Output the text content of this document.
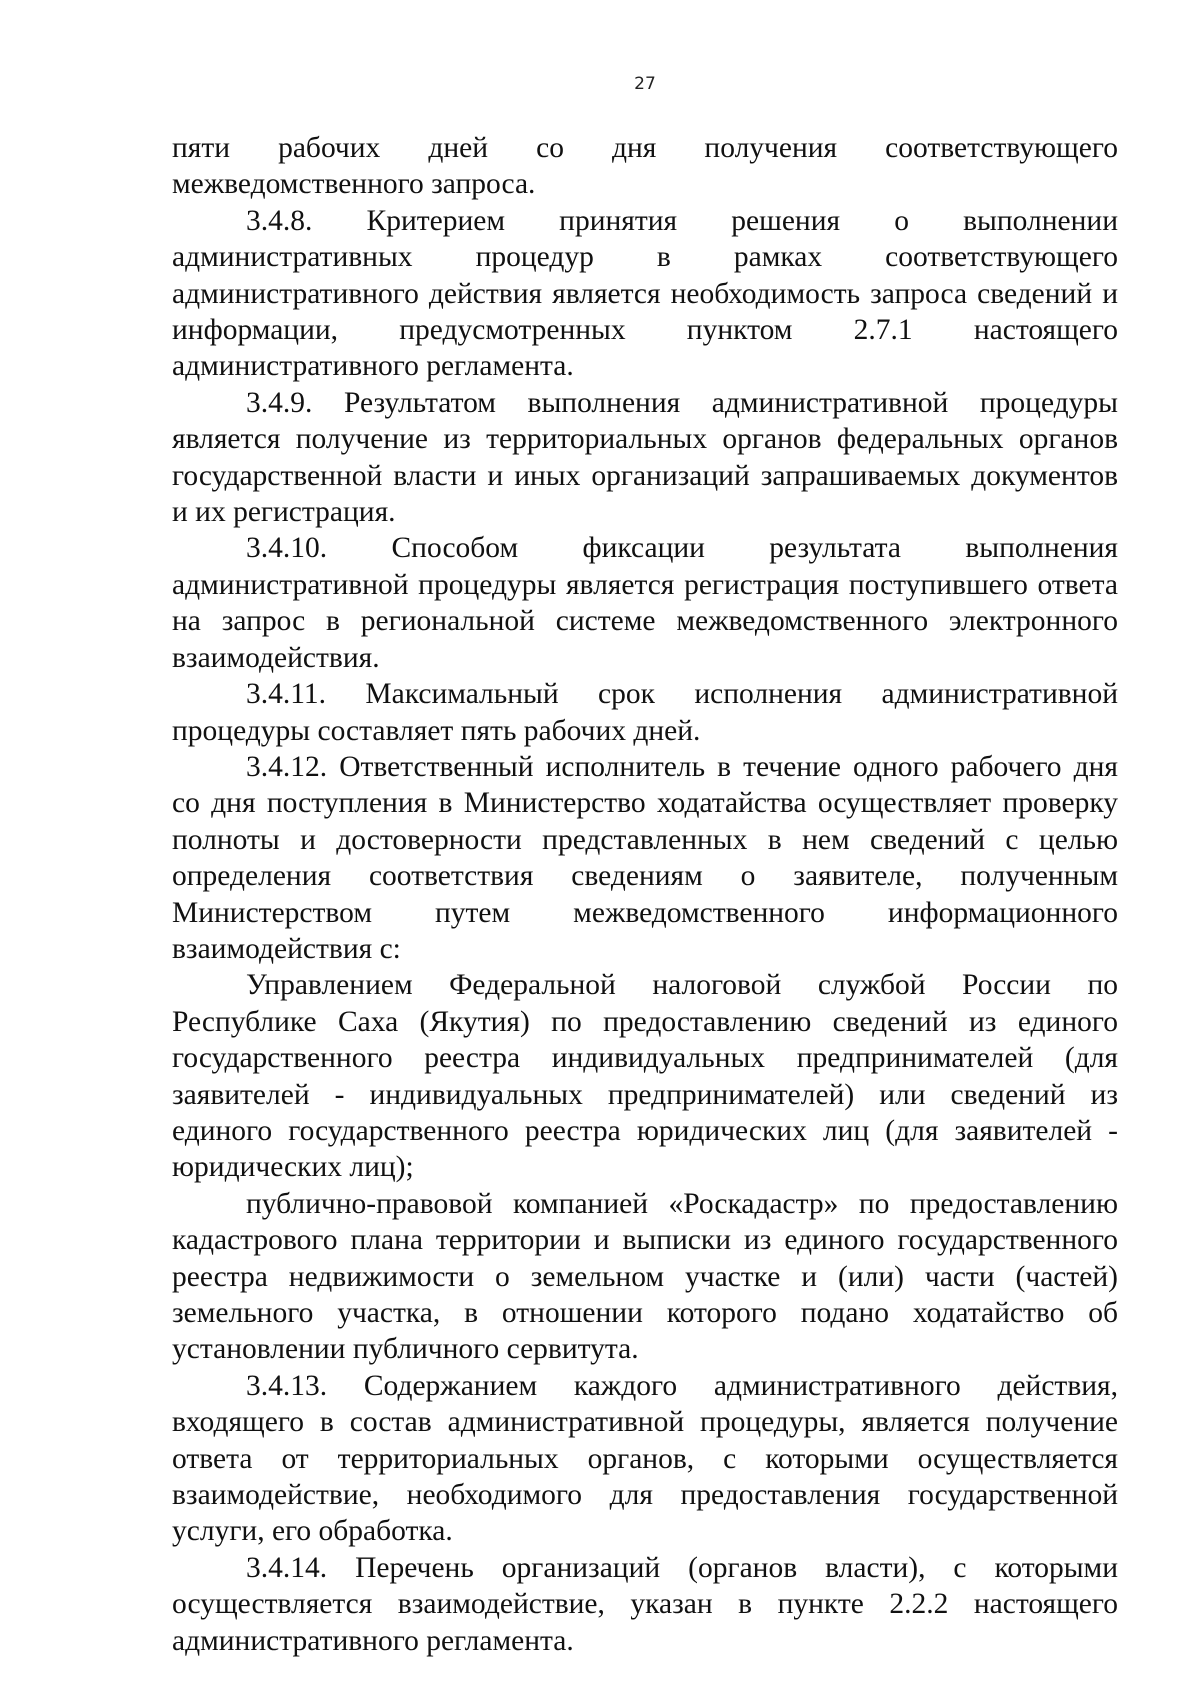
27

пяти рабочих дней со дня получения соответствующего межведомственного запроса.

3.4.8. Критерием принятия решения о выполнении административных процедур в рамках соответствующего административного действия является необходимость запроса сведений и информации, предусмотренных пунктом 2.7.1 настоящего административного регламента.

3.4.9. Результатом выполнения административной процедуры является получение из территориальных органов федеральных органов государственной власти и иных организаций запрашиваемых документов и их регистрация.

3.4.10. Способом фиксации результата выполнения административной процедуры является регистрация поступившего ответа на запрос в региональной системе межведомственного электронного взаимодействия.

3.4.11. Максимальный срок исполнения административной процедуры составляет пять рабочих дней.

3.4.12. Ответственный исполнитель в течение одного рабочего дня со дня поступления в Министерство ходатайства осуществляет проверку полноты и достоверности представленных в нем сведений с целью определения соответствия сведениям о заявителе, полученным Министерством путем межведомственного информационного взаимодействия с:

Управлением Федеральной налоговой службой России по Республике Саха (Якутия) по предоставлению сведений из единого государственного реестра индивидуальных предпринимателей (для заявителей - индивидуальных предпринимателей) или сведений из единого государственного реестра юридических лиц (для заявителей - юридических лиц);

публично-правовой компанией «Роскадастр» по предоставлению кадастрового плана территории и выписки из единого государственного реестра недвижимости о земельном участке и (или) части (частей) земельного участка, в отношении которого подано ходатайство об установлении публичного сервитута.

3.4.13. Содержанием каждого административного действия, входящего в состав административной процедуры, является получение ответа от территориальных органов, с которыми осуществляется взаимодействие, необходимого для предоставления государственной услуги, его обработка.

3.4.14. Перечень организаций (органов власти), с которыми осуществляется взаимодействие, указан в пункте 2.2.2 настоящего административного регламента.
